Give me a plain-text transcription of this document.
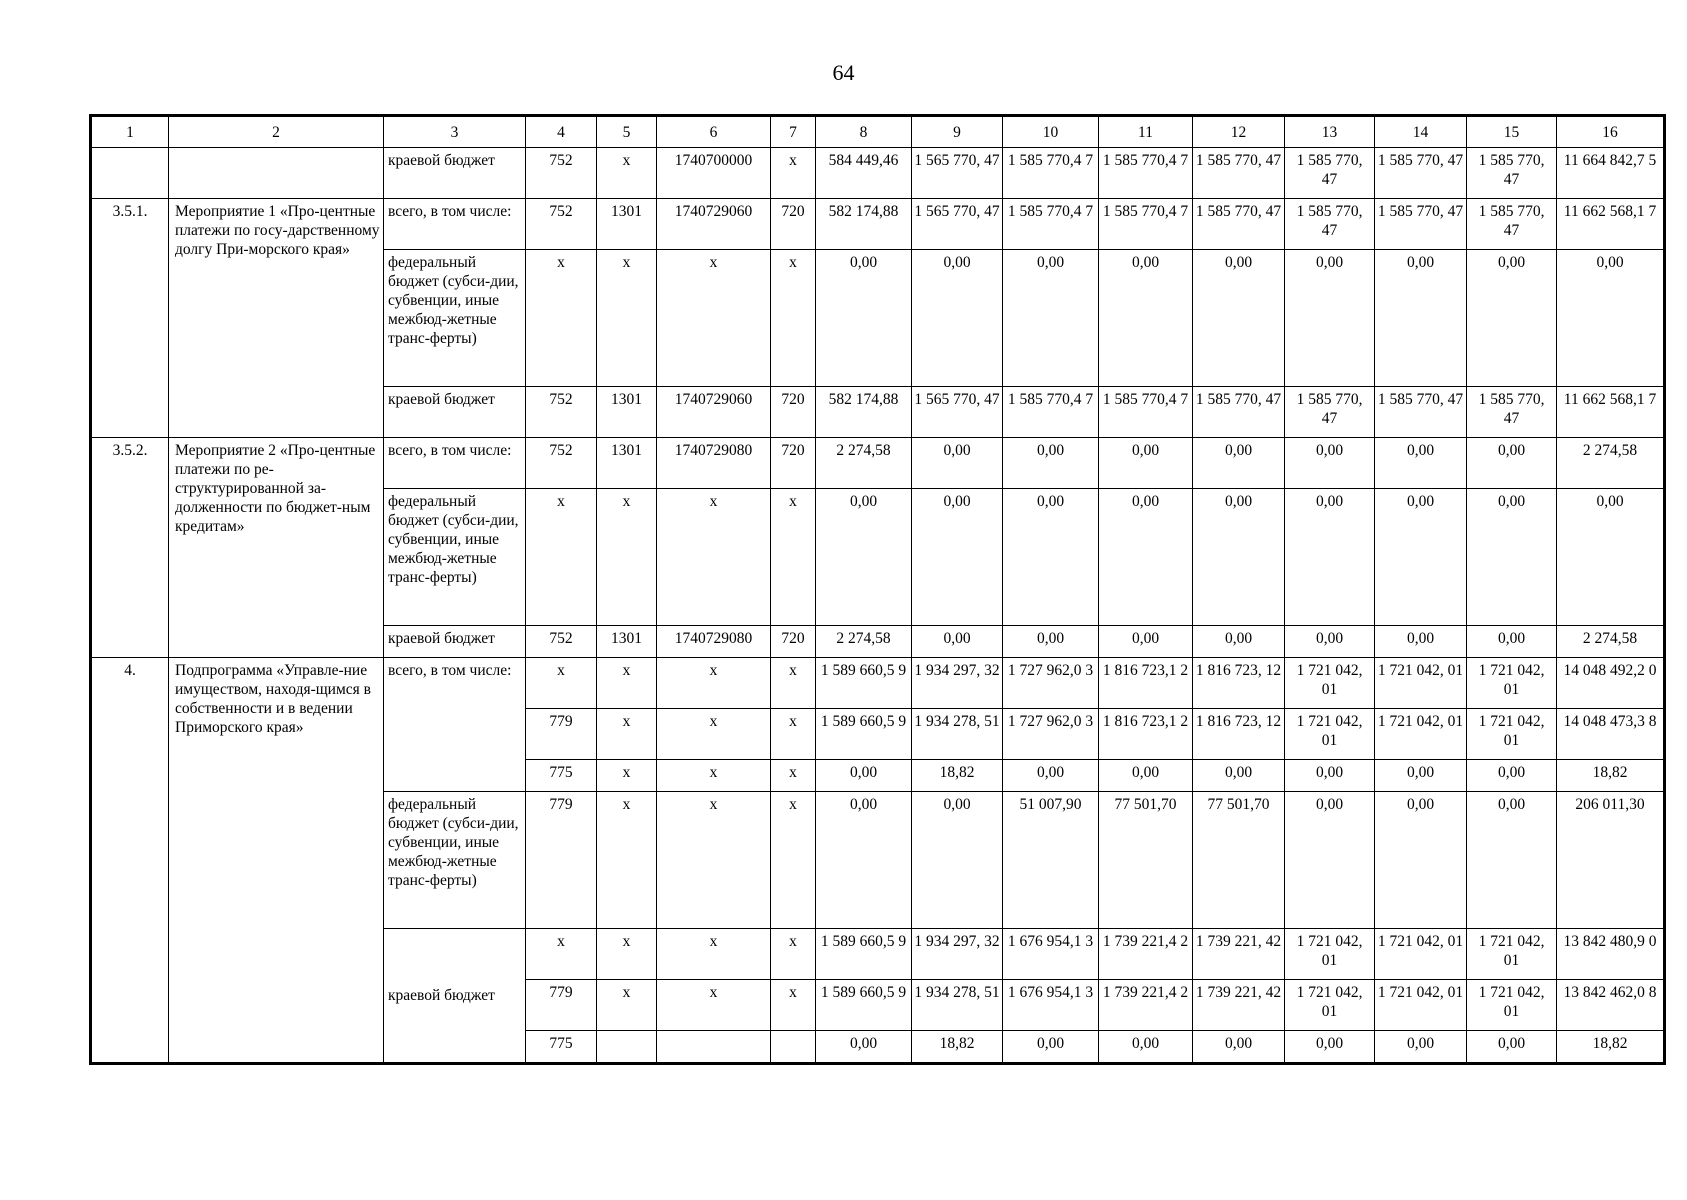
64
1	2	3	4	5	6	7	8	9	10	11	12	13	14	15	16
		краевой бюджет	752	х	1740700000	х	584 449,46	1 565 770, 47	1 585 770,4 7	1 585 770,4 7	1 585 770, 47	1 585 770, 47	1 585 770, 47	1 585 770, 47	11 664 842,7 5
3.5.1.	Мероприятие 1 «Про-центные платежи по госу-дарственному долгу При-морского края»	всего, в том числе:	752	1301	1740729060	720	582 174,88	1 565 770, 47	1 585 770,4 7	1 585 770,4 7	1 585 770, 47	1 585 770, 47	1 585 770, 47	1 585 770, 47	11 662 568,1 7
		федеральный бюджет (субси-дии, субвенции, иные межбюд-жетные транс-ферты)	х	х	х	х	0,00	0,00	0,00	0,00	0,00	0,00	0,00	0,00	0,00
		краевой бюджет	752	1301	1740729060	720	582 174,88	1 565 770, 47	1 585 770,4 7	1 585 770,4 7	1 585 770, 47	1 585 770, 47	1 585 770, 47	1 585 770, 47	11 662 568,1 7
3.5.2.	Мероприятие 2 «Про-центные платежи по ре-структурированной за-долженности по бюджет-ным кредитам»	всего, в том числе:	752	1301	1740729080	720	2 274,58	0,00	0,00	0,00	0,00	0,00	0,00	0,00	2 274,58
		федеральный бюджет (субси-дии, субвенции, иные межбюд-жетные транс-ферты)	х	х	х	х	0,00	0,00	0,00	0,00	0,00	0,00	0,00	0,00	0,00
		краевой бюджет	752	1301	1740729080	720	2 274,58	0,00	0,00	0,00	0,00	0,00	0,00	0,00	2 274,58
4.	Подпрограмма «Управле-ние имуществом, находя-щимся в собственности и в ведении Приморского края»	всего, в том числе:	х	х	х	х	1 589 660,5 9	1 934 297, 32	1 727 962,0 3	1 816 723,1 2	1 816 723, 12	1 721 042, 01	1 721 042, 01	1 721 042, 01	14 048 492,2 0
			779	х	х	х	1 589 660,5 9	1 934 278, 51	1 727 962,0 3	1 816 723,1 2	1 816 723, 12	1 721 042, 01	1 721 042, 01	1 721 042, 01	14 048 473,3 8
			775	х	х	х	0,00	18,82	0,00	0,00	0,00	0,00	0,00	0,00	18,82
		федеральный бюджет (субси-дии, субвенции, иные межбюд-жетные транс-ферты)	779	х	х	х	0,00	0,00	51 007,90	77 501,70	77 501,70	0,00	0,00	0,00	206 011,30
		краевой бюджет	х	х	х	х	1 589 660,5 9	1 934 297, 32	1 676 954,1 3	1 739 221,4 2	1 739 221, 42	1 721 042, 01	1 721 042, 01	1 721 042, 01	13 842 480,9 0
			779	х	х	х	1 589 660,5 9	1 934 278, 51	1 676 954,1 3	1 739 221,4 2	1 739 221, 42	1 721 042, 01	1 721 042, 01	1 721 042, 01	13 842 462,0 8
			775				0,00	18,82	0,00	0,00	0,00	0,00	0,00	0,00	18,82
